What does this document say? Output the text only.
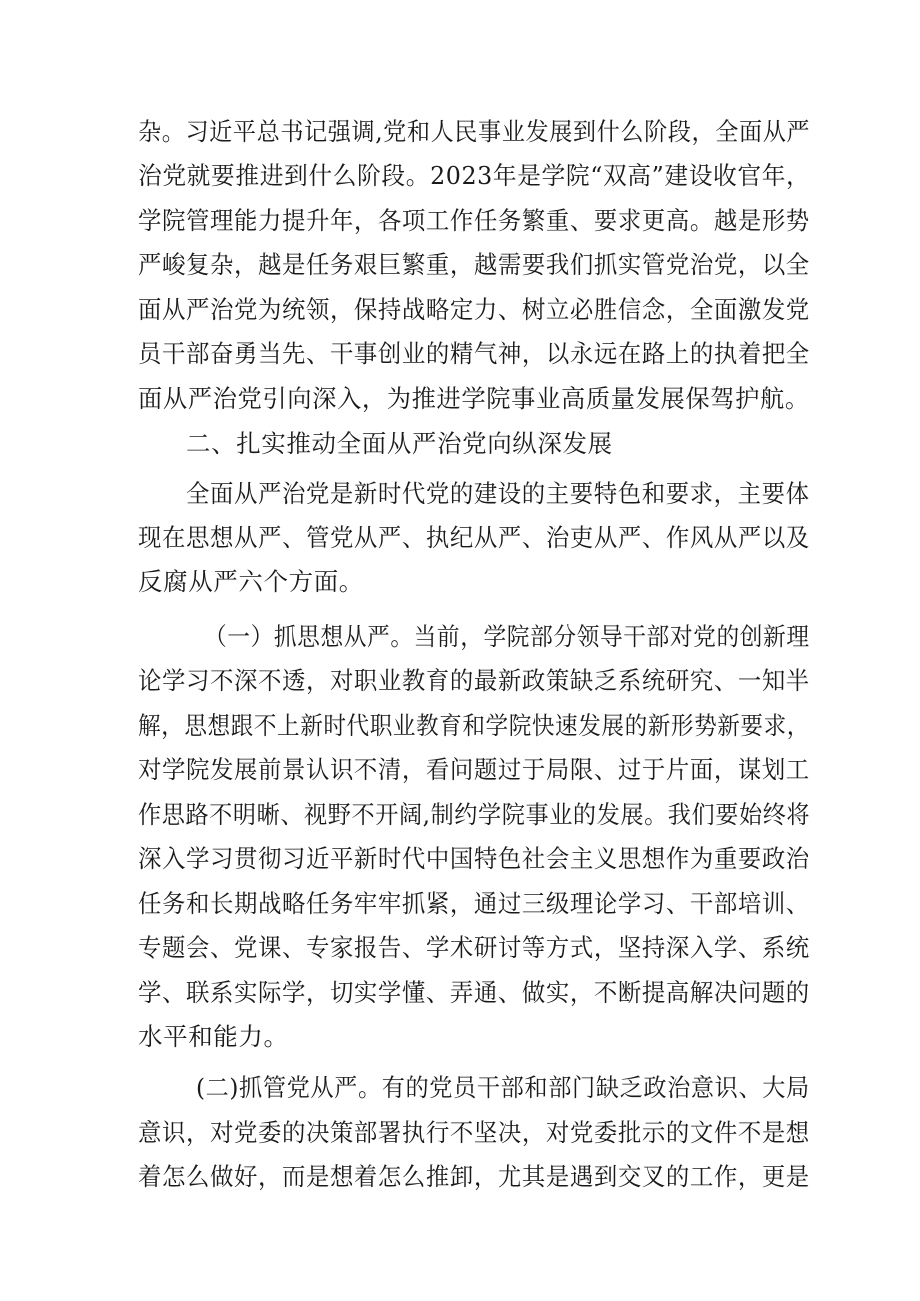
杂。习近平总书记强调,党和人民事业发展到什么阶段，全面从严
治党就要推进到什么阶段。2023年是学院“双高”建设收官年，
学院管理能力提升年，各项工作任务繁重、要求更高。越是形势
严峻复杂，越是任务艰巨繁重，越需要我们抓实管党治党，以全
面从严治党为统领，保持战略定力、树立必胜信念，全面激发党
员干部奋勇当先、干事创业的精气神，以永远在路上的执着把全
面从严治党引向深入，为推进学院事业高质量发展保驾护航。
二、扎实推动全面从严治党向纵深发展
全面从严治党是新时代党的建设的主要特色和要求，主要体
现在思想从严、管党从严、执纪从严、治吏从严、作风从严以及
反腐从严六个方面。
（一）抓思想从严。当前，学院部分领导干部对党的创新理
论学习不深不透，对职业教育的最新政策缺乏系统研究、一知半
解，思想跟不上新时代职业教育和学院快速发展的新形势新要求，
对学院发展前景认识不清，看问题过于局限、过于片面，谋划工
作思路不明晰、视野不开阔,制约学院事业的发展。我们要始终将
深入学习贯彻习近平新时代中国特色社会主义思想作为重要政治
任务和长期战略任务牢牢抓紧，通过三级理论学习、干部培训、
专题会、党课、专家报告、学术研讨等方式，坚持深入学、系统
学、联系实际学，切实学懂、弄通、做实，不断提高解决问题的
水平和能力。
(二)抓管党从严。有的党员干部和部门缺乏政治意识、大局
意识，对党委的决策部署执行不坚决，对党委批示的文件不是想
着怎么做好，而是想着怎么推卸，尤其是遇到交叉的工作，更是
